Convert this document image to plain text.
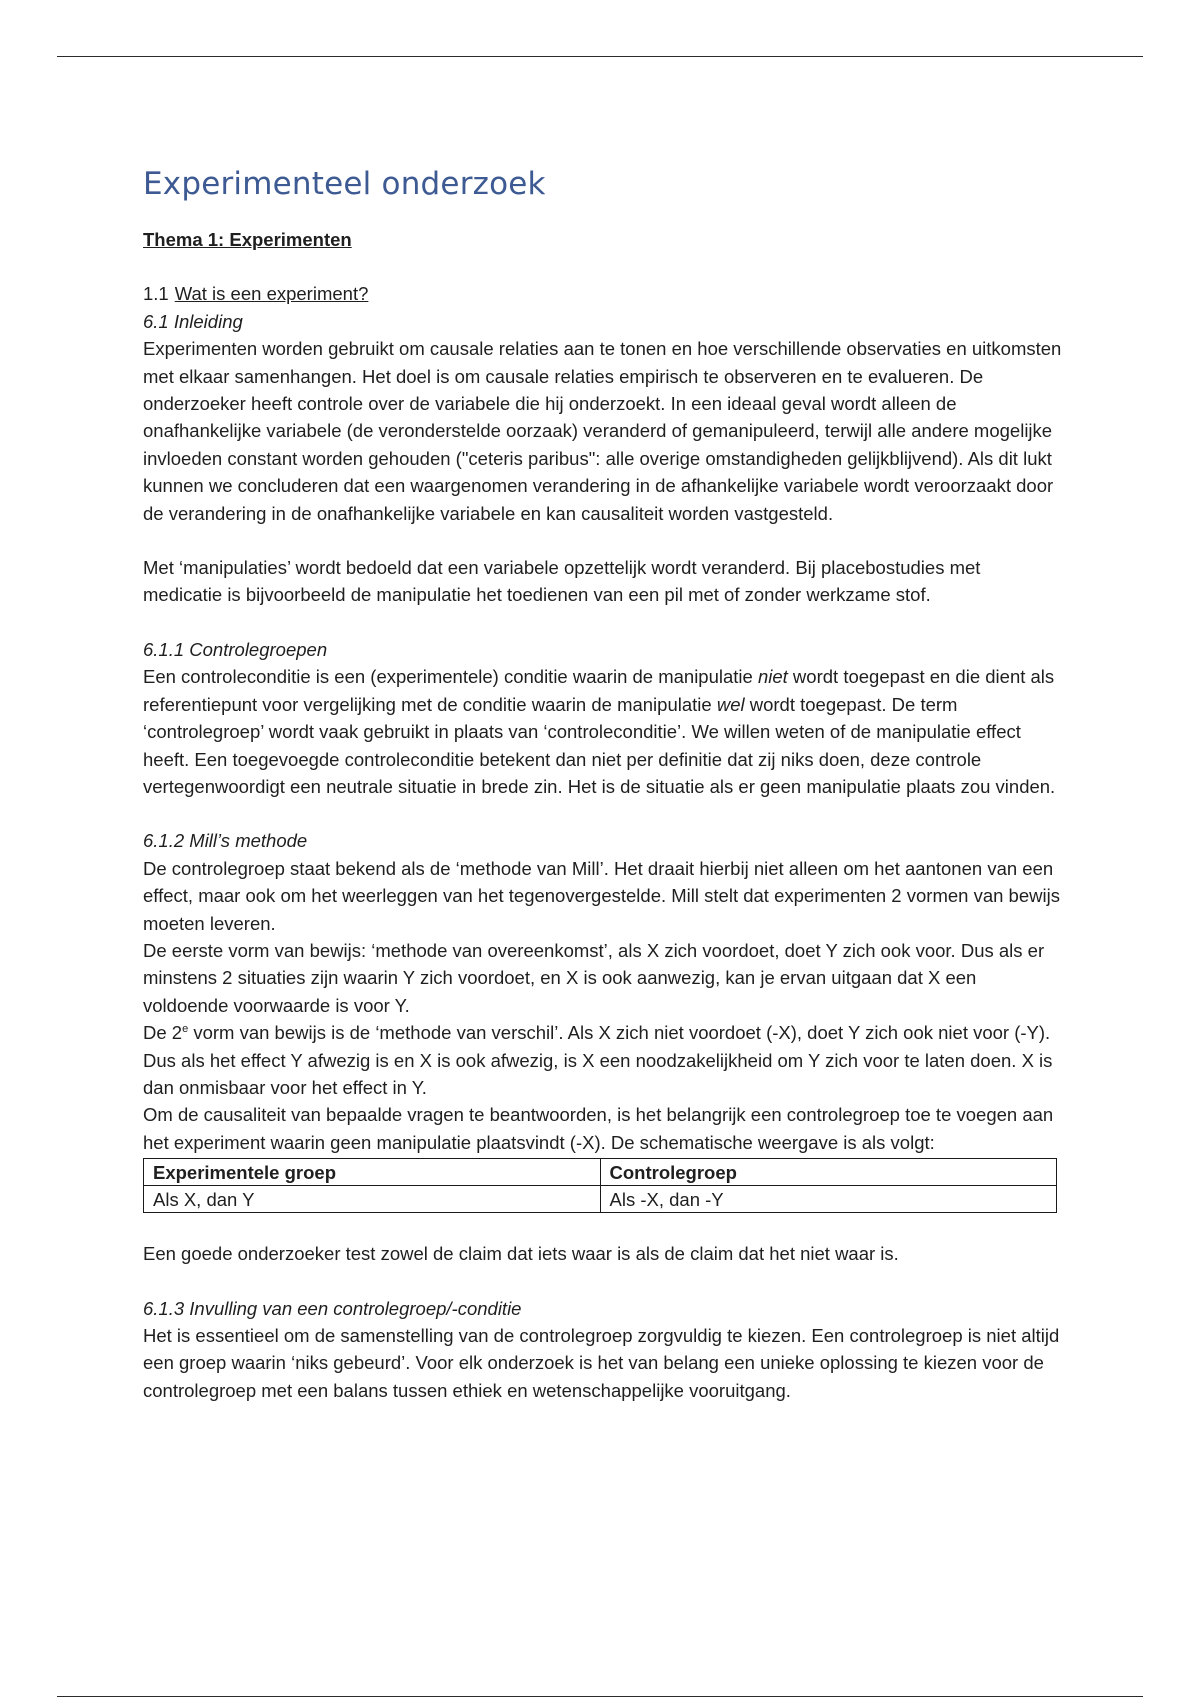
Experimenteel onderzoek

Thema 1: Experimenten

1.1 Wat is een experiment?

6.1 Inleiding

Experimenten worden gebruikt om causale relaties aan te tonen en hoe verschillende observaties en uitkomsten met elkaar samenhangen. Het doel is om causale relaties empirisch te observeren en te evalueren. De onderzoeker heeft controle over de variabele die hij onderzoekt. In een ideaal geval wordt alleen de onafhankelijke variabele (de veronderstelde oorzaak) veranderd of gemanipuleerd, terwijl alle andere mogelijke invloeden constant worden gehouden ("ceteris paribus": alle overige omstandigheden gelijkblijvend). Als dit lukt kunnen we concluderen dat een waargenomen verandering in de afhankelijke variabele wordt veroorzaakt door de verandering in de onafhankelijke variabele en kan causaliteit worden vastgesteld.

Met ‘manipulaties’ wordt bedoeld dat een variabele opzettelijk wordt veranderd. Bij placebostudies met medicatie is bijvoorbeeld de manipulatie het toedienen van een pil met of zonder werkzame stof.

6.1.1 Controlegroepen

Een controleconditie is een (experimentele) conditie waarin de manipulatie niet wordt toegepast en die dient als referentiepunt voor vergelijking met de conditie waarin de manipulatie wel wordt toegepast. De term ‘controlegroep’ wordt vaak gebruikt in plaats van ‘controleconditie’. We willen weten of de manipulatie effect heeft. Een toegevoegde controleconditie betekent dan niet per definitie dat zij niks doen, deze controle vertegenwoordigt een neutrale situatie in brede zin. Het is de situatie als er geen manipulatie plaats zou vinden.

6.1.2 Mill’s methode

De controlegroep staat bekend als de ‘methode van Mill’. Het draait hierbij niet alleen om het aantonen van een effect, maar ook om het weerleggen van het tegenovergestelde. Mill stelt dat experimenten 2 vormen van bewijs moeten leveren.

De eerste vorm van bewijs: ‘methode van overeenkomst’, als X zich voordoet, doet Y zich ook voor. Dus als er minstens 2 situaties zijn waarin Y zich voordoet, en X is ook aanwezig, kan je ervan uitgaan dat X een voldoende voorwaarde is voor Y.

De 2e vorm van bewijs is de ‘methode van verschil’. Als X zich niet voordoet (-X), doet Y zich ook niet voor (-Y). Dus als het effect Y afwezig is en X is ook afwezig, is X een noodzakelijkheid om Y zich voor te laten doen. X is dan onmisbaar voor het effect in Y.

Om de causaliteit van bepaalde vragen te beantwoorden, is het belangrijk een controlegroep toe te voegen aan het experiment waarin geen manipulatie plaatsvindt (-X). De schematische weergave is als volgt:

Experimentele groep	Controlegroep
Als X, dan Y	Als -X, dan -Y

Een goede onderzoeker test zowel de claim dat iets waar is als de claim dat het niet waar is.

6.1.3 Invulling van een controlegroep/-conditie

Het is essentieel om de samenstelling van de controlegroep zorgvuldig te kiezen. Een controlegroep is niet altijd een groep waarin ‘niks gebeurd’. Voor elk onderzoek is het van belang een unieke oplossing te kiezen voor de controlegroep met een balans tussen ethiek en wetenschappelijke vooruitgang.
